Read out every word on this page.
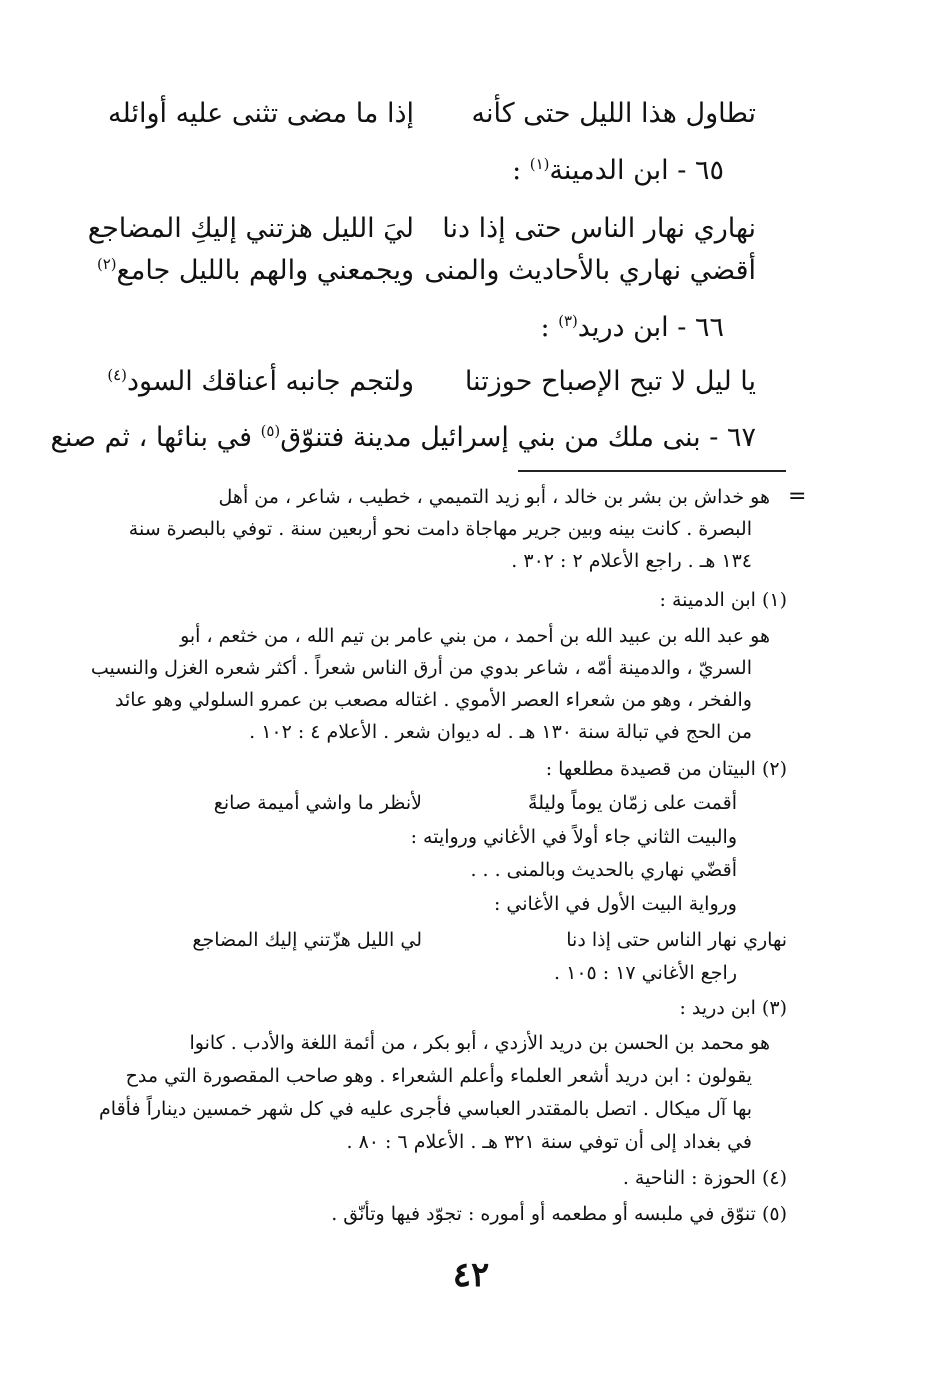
تطاول هذا الليل حتى كأنه
إذا ما مضى تثنى عليه أوائله
٦٥ - ابن الدمينة$^{(١)}$ :
نهاري نهار الناس حتى إذا دنا
ليَ الليل هزتني إليكِ المضاجع
أقضي نهاري بالأحاديث والمنى
ويجمعني والهم بالليل جامع$^{(٢)}$
٦٦ - ابن دريد$^{(٣)}$ :
يا ليل لا تبح الإصباح حوزتنا
ولتجم جانبه أعناقك السود$^{(٤)}$
٦٧ - بنى ملك من بني إسرائيل مدينة فتنوّق$^{(٥)}$ في بنائها ، ثم صنع
=
هو خداش بن بشر بن خالد ، أبو زيد التميمي ، خطيب ، شاعر ، من أهل
البصرة . كانت بينه وبين جرير مهاجاة دامت نحو أربعين سنة . توفي بالبصرة سنة
١٣٤ هـ . راجع الأعلام ٢ : ٣٠٢ .
(١) ابن الدمينة :
هو عبد الله بن عبيد الله بن أحمد ، من بني عامر بن تيم الله ، من خثعم ، أبو
السريّ ، والدمينة أمّه ، شاعر بدوي من أرق الناس شعراً . أكثر شعره الغزل والنسيب
والفخر ، وهو من شعراء العصر الأموي . اغتاله مصعب بن عمرو السلولي وهو عائد
من الحج في تبالة سنة ١٣٠ هـ . له ديوان شعر . الأعلام ٤ : ١٠٢ .
(٢) البيتان من قصيدة مطلعها :
أقمت على زمّان يوماً وليلةً
لأنظر ما واشي أميمة صانع
والبيت الثاني جاء أولاً في الأغاني وروايته :
أقضّي نهاري بالحديث وبالمنى . . .
ورواية البيت الأول في الأغاني :
نهاري نهار الناس حتى إذا دنا
لي الليل هزّتني إليك المضاجع
راجع الأغاني ١٧ : ١٠٥ .
(٣) ابن دريد :
هو محمد بن الحسن بن دريد الأزدي ، أبو بكر ، من أئمة اللغة والأدب . كانوا
يقولون : ابن دريد أشعر العلماء وأعلم الشعراء . وهو صاحب المقصورة التي مدح
بها آل ميكال . اتصل بالمقتدر العباسي فأجرى عليه في كل شهر خمسين ديناراً فأقام
في بغداد إلى أن توفي سنة ٣٢١ هـ . الأعلام ٦ : ٨٠ .
(٤) الحوزة : الناحية .
(٥) تنوّق في ملبسه أو مطعمه أو أموره : تجوّد فيها وتأنّق .
٤٢
